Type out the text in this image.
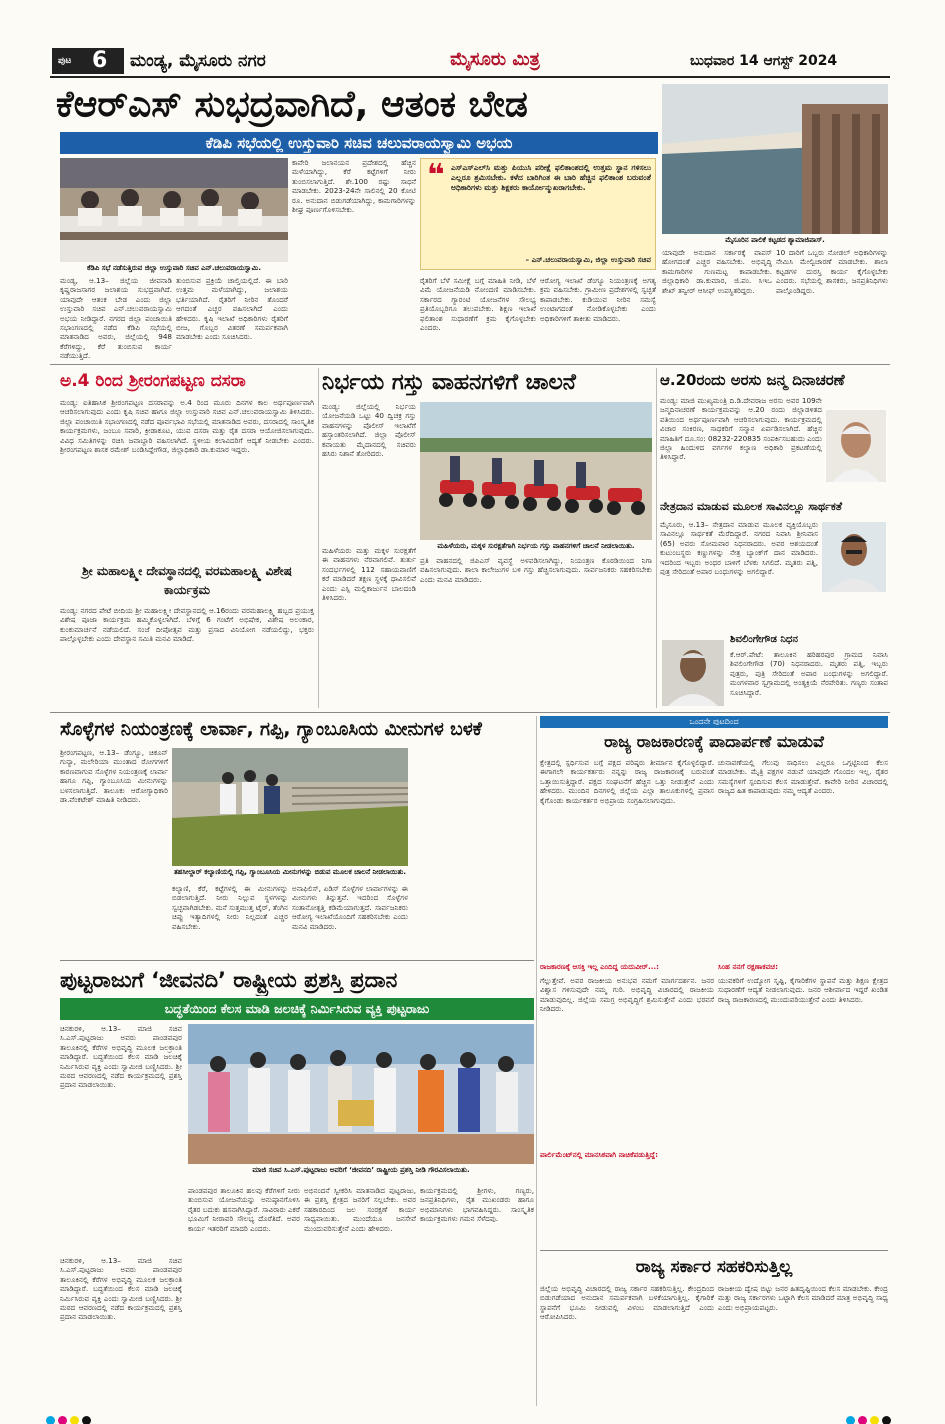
ಪುಟ 6 ಮಂಡ್ಯ, ಮೈಸೂರು ನಗರ	ಮೈಸೂರು ಮಿತ್ರ	ಬುಧವಾರ 14 ಆಗಸ್ಟ್ 2024
ಕೆಆರ್‌ಎಸ್ ಸುಭದ್ರವಾಗಿದೆ, ಆತಂಕ ಬೇಡ
ಕೆಡಿಪಿ ಸಭೆಯಲ್ಲಿ ಉಸ್ತುವಾರಿ ಸಚಿವ ಚಲುವರಾಯಸ್ವಾಮಿ ಅಭಯ
ಕೆಡಿಪಿ ಸಭೆ ನಡೆಸುತ್ತಿರುವ ಜಿಲ್ಲಾ ಉಸ್ತುವಾರಿ ಸಚಿವ ಎನ್.ಚಲುವರಾಯಸ್ವಾಮಿ.
❝ ಎಸ್‌ಎಸ್‌ಎಲ್‌ಸಿ ಮತ್ತು ಪಿಯುಸಿ ಪರೀಕ್ಷೆ ಫಲಿತಾಂಶದಲ್ಲಿ ಉತ್ತಮ ಸ್ಥಾನ ಗಳಿಸಲು ಎಲ್ಲರೂ ಶ್ರಮಿಸಬೇಕು. ಕಳೆದ ಬಾರಿಗಿಂತ ಈ ಬಾರಿ ಹೆಚ್ಚಿನ ಫಲಿತಾಂಶ ಬರುವಂತೆ ಅಧಿಕಾರಿಗಳು ಮತ್ತು ಶಿಕ್ಷಕರು ಕಾರ್ಯೋನ್ಮುಖರಾಗಬೇಕು.
– ಎನ್.ಚಲುವರಾಯಸ್ವಾಮಿ, ಜಿಲ್ಲಾ ಉಸ್ತುವಾರಿ ಸಚಿವ
ಮೈಸೂರಿನ ಪಾಲಿಕೆ ಕಟ್ಟಡದ ಶ್ಯಾಮಾಜಿಪಾಸ್.
ಮಂಡ್ಯ, ಆ.13– ಜಿಲ್ಲೆಯ ಜೀವನಾಡಿ ಕೃಷ್ಣರಾಜಸಾಗರ ಜಲಾಶಯ ಸುಭದ್ರವಾಗಿದೆ. ಯಾವುದೇ ಆತಂಕ ಬೇಡ ಎಂದು ಜಿಲ್ಲಾ ಉಸ್ತುವಾರಿ ಸಚಿವ ಎನ್.ಚಲುವರಾಯಸ್ವಾಮಿ ಅಭಯ ನೀಡಿದ್ದಾರೆ. ನಗರದ ಜಿಲ್ಲಾ ಪಂಚಾಯಿತಿ ಸಭಾಂಗಣದಲ್ಲಿ ನಡೆದ ಕೆಡಿಪಿ ಸಭೆಯಲ್ಲಿ ಮಾತನಾಡಿದ ಅವರು, ಜಿಲ್ಲೆಯಲ್ಲಿ 948 ಕೆರೆಗಳಿದ್ದು, ಕೆರೆ ತುಂಬಿಸುವ ಕಾರ್ಯ ನಡೆಯುತ್ತಿದೆ.
ತುಂಬಿಸುವ ಪ್ರಕ್ರಿಯೆ ಚಾಲ್ತಿಯಲ್ಲಿದೆ. ಈ ಬಾರಿ ಉತ್ತಮ ಮಳೆಯಾಗಿದ್ದು, ಜಲಾಶಯ ಭರ್ತಿಯಾಗಿದೆ. ರೈತರಿಗೆ ನೀರಿನ ತೊಂದರೆ ಆಗದಂತೆ ಎಚ್ಚರ ವಹಿಸಲಾಗಿದೆ ಎಂದು ಹೇಳಿದರು. ಕೃಷಿ ಇಲಾಖೆ ಅಧಿಕಾರಿಗಳು ರೈತರಿಗೆ ಬೀಜ, ಗೊಬ್ಬರ ವಿತರಣೆ ಸಮರ್ಪಕವಾಗಿ ಮಾಡಬೇಕು ಎಂದು ಸೂಚಿಸಿದರು.
ಕಾವೇರಿ ಜಲಾನಯನ ಪ್ರದೇಶದಲ್ಲಿ ಹೆಚ್ಚಿನ ಮಳೆಯಾಗಿದ್ದು, ಕೆರೆ ಕಟ್ಟೆಗಳಿಗೆ ನೀರು ತುಂಬಿಸಲಾಗುತ್ತಿದೆ. ಶೇ.100 ರಷ್ಟು ಸಾಧನೆ ಮಾಡಬೇಕು. 2023-24ನೇ ಸಾಲಿನಲ್ಲಿ 20 ಕೋಟಿ ರೂ. ಅನುದಾನ ಬಿಡುಗಡೆಯಾಗಿದ್ದು, ಕಾಮಗಾರಿಗಳನ್ನು ಶೀಘ್ರ ಪೂರ್ಣಗೊಳಿಸಬೇಕು.
ರೈತರಿಗೆ ಬೆಳೆ ಸಮೀಕ್ಷೆ ಬಗ್ಗೆ ಮಾಹಿತಿ ನೀಡಿ, ಬೆಳೆ ವಿಮೆ ಯೋಜನೆಯಡಿ ನೋಂದಣಿ ಮಾಡಿಸಬೇಕು. ಸರ್ಕಾರದ ಗ್ಯಾರಂಟಿ ಯೋಜನೆಗಳ ಸೌಲಭ್ಯ ಪ್ರತಿಯೊಬ್ಬರಿಗೂ ತಲುಪಬೇಕು. ಶಿಕ್ಷಣ ಇಲಾಖೆ ಫಲಿತಾಂಶ ಸುಧಾರಣೆಗೆ ಕ್ರಮ ಕೈಗೊಳ್ಳಬೇಕು ಎಂದರು.
ಆರೋಗ್ಯ ಇಲಾಖೆ ಡೆಂಗ್ಯೂ ನಿಯಂತ್ರಣಕ್ಕೆ ಅಗತ್ಯ ಕ್ರಮ ವಹಿಸಬೇಕು. ಗ್ರಾಮೀಣ ಪ್ರದೇಶಗಳಲ್ಲಿ ಸ್ವಚ್ಛತೆ ಕಾಪಾಡಬೇಕು. ಕುಡಿಯುವ ನೀರಿನ ಸಮಸ್ಯೆ ಉಂಟಾಗದಂತೆ ನೋಡಿಕೊಳ್ಳಬೇಕು ಎಂದು ಅಧಿಕಾರಿಗಳಿಗೆ ತಾಕೀತು ಮಾಡಿದರು.
ಯಾವುದೇ ಅನುದಾನ ಸರ್ಕಾರಕ್ಕೆ ವಾಪಸ್ ಹೋಗದಂತೆ ಎಚ್ಚರ ವಹಿಸಬೇಕು. ಅಭಿವೃದ್ಧಿ ಕಾಮಗಾರಿಗಳ ಗುಣಮಟ್ಟ ಕಾಪಾಡಬೇಕು. ಜಿಲ್ಲಾಧಿಕಾರಿ ಡಾ.ಕುಮಾರ, ಜಿ.ಪಂ. ಸಿಇಒ ಶೇಖ್ ತನ್ವೀರ್ ಆಸೀಫ್ ಉಪಸ್ಥಿತರಿದ್ದರು.
10 ದಾರಿಗೆ ಒಬ್ಬರು ನೋಡಲ್ ಅಧಿಕಾರಿಗಳನ್ನು ನೇಮಿಸಿ ಮೇಲ್ವಿಚಾರಣೆ ಮಾಡಬೇಕು. ಶಾಲಾ ಕಟ್ಟಡಗಳ ದುರಸ್ತಿ ಕಾರ್ಯ ಕೈಗೊಳ್ಳಬೇಕು ಎಂದರು. ಸಭೆಯಲ್ಲಿ ಶಾಸಕರು, ಜನಪ್ರತಿನಿಧಿಗಳು ಪಾಲ್ಗೊಂಡಿದ್ದರು.
ಅ.4 ರಿಂದ ಶ್ರೀರಂಗಪಟ್ಟಣ ದಸರಾ
ಮಂಡ್ಯ: ಐತಿಹಾಸಿಕ ಶ್ರೀರಂಗಪಟ್ಟಣ ದಸರಾವನ್ನು ಅ.4 ರಿಂದ ಮೂರು ದಿನಗಳ ಕಾಲ ಅರ್ಥಪೂರ್ಣವಾಗಿ ಆಚರಿಸಲಾಗುವುದು ಎಂದು ಕೃಷಿ ಸಚಿವ ಹಾಗೂ ಜಿಲ್ಲಾ ಉಸ್ತುವಾರಿ ಸಚಿವ ಎನ್.ಚಲುವರಾಯಸ್ವಾಮಿ ತಿಳಿಸಿದರು. ಜಿಲ್ಲಾ ಪಂಚಾಯಿತಿ ಸಭಾಂಗಣದಲ್ಲಿ ನಡೆದ ಪೂರ್ವಭಾವಿ ಸಭೆಯಲ್ಲಿ ಮಾತನಾಡಿದ ಅವರು, ದಸರಾದಲ್ಲಿ ಸಾಂಸ್ಕೃತಿಕ ಕಾರ್ಯಕ್ರಮಗಳು, ಜಂಬೂ ಸವಾರಿ, ಕ್ರೀಡಾಕೂಟ, ಯುವ ದಸರಾ ಮತ್ತು ರೈತ ದಸರಾ ಆಯೋಜಿಸಲಾಗುವುದು. ವಿವಿಧ ಸಮಿತಿಗಳನ್ನು ರಚಿಸಿ ಜವಾಬ್ದಾರಿ ವಹಿಸಲಾಗಿದೆ. ಸ್ಥಳೀಯ ಕಲಾವಿದರಿಗೆ ಆದ್ಯತೆ ನೀಡಬೇಕು ಎಂದರು. ಶ್ರೀರಂಗಪಟ್ಟಣ ಶಾಸಕ ರಮೇಶ್ ಬಂಡಿಸಿದ್ದೇಗೌಡ, ಜಿಲ್ಲಾಧಿಕಾರಿ ಡಾ.ಕುಮಾರ ಇದ್ದರು.
ಶ್ರೀ ಮಹಾಲಕ್ಷ್ಮೀ ದೇವಸ್ಥಾನದಲ್ಲಿ ವರಮಹಾಲಕ್ಷ್ಮಿ ವಿಶೇಷ ಕಾರ್ಯಕ್ರಮ
ಮಂಡ್ಯ: ನಗರದ ಪೇಟೆ ಬೀದಿಯ ಶ್ರೀ ಮಹಾಲಕ್ಷ್ಮೀ ದೇವಸ್ಥಾನದಲ್ಲಿ ಆ.16ರಂದು ವರಮಹಾಲಕ್ಷ್ಮಿ ಹಬ್ಬದ ಪ್ರಯುಕ್ತ ವಿಶೇಷ ಪೂಜಾ ಕಾರ್ಯಕ್ರಮ ಹಮ್ಮಿಕೊಳ್ಳಲಾಗಿದೆ. ಬೆಳಿಗ್ಗೆ 6 ಗಂಟೆಗೆ ಅಭಿಷೇಕ, ವಿಶೇಷ ಅಲಂಕಾರ, ಕುಂಕುಮಾರ್ಚನೆ ನಡೆಯಲಿದೆ. ಸಂಜೆ ದೀಪೋತ್ಸವ ಮತ್ತು ಪ್ರಸಾದ ವಿನಿಯೋಗ ನಡೆಯಲಿದ್ದು, ಭಕ್ತರು ಪಾಲ್ಗೊಳ್ಳಬೇಕು ಎಂದು ದೇವಸ್ಥಾನ ಸಮಿತಿ ಮನವಿ ಮಾಡಿದೆ.
ನಿರ್ಭಯ ಗಸ್ತು ವಾಹನಗಳಿಗೆ ಚಾಲನೆ
ಮಂಡ್ಯ: ಜಿಲ್ಲೆಯಲ್ಲಿ ನಿರ್ಭಯ ಯೋಜನೆಯಡಿ ಒಟ್ಟು 40 ದ್ವಿಚಕ್ರ ಗಸ್ತು ವಾಹನಗಳನ್ನು ಪೊಲೀಸ್ ಇಲಾಖೆಗೆ ಹಸ್ತಾಂತರಿಸಲಾಗಿದೆ. ಜಿಲ್ಲಾ ಪೊಲೀಸ್ ಕವಾಯತು ಮೈದಾನದಲ್ಲಿ ಸಚಿವರು ಹಸಿರು ನಿಶಾನೆ ತೋರಿದರು.
ಮಹಿಳೆಯರು, ಮಕ್ಕಳ ಸುರಕ್ಷತೆಗಾಗಿ ನಿರ್ಭಯ ಗಸ್ತು ವಾಹನಗಳಿಗೆ ಚಾಲನೆ ನೀಡಲಾಯಿತು.
ಮಹಿಳೆಯರು ಮತ್ತು ಮಕ್ಕಳ ಸುರಕ್ಷತೆಗೆ ಈ ವಾಹನಗಳು ನೆರವಾಗಲಿವೆ. ತುರ್ತು ಸಂದರ್ಭಗಳಲ್ಲಿ 112 ಸಹಾಯವಾಣಿಗೆ ಕರೆ ಮಾಡಿದರೆ ತಕ್ಷಣ ಸ್ಥಳಕ್ಕೆ ಧಾವಿಸಲಿವೆ ಎಂದು ಎಸ್ಪಿ ಮಲ್ಲಿಕಾರ್ಜುನ ಬಾಲದಂಡಿ ತಿಳಿಸಿದರು.
ಪ್ರತಿ ವಾಹನದಲ್ಲಿ ಜಿಪಿಎಸ್ ವ್ಯವಸ್ಥೆ ಅಳವಡಿಸಲಾಗಿದ್ದು, ನಿಯಂತ್ರಣ ಕೊಠಡಿಯಿಂದ ನಿಗಾ ವಹಿಸಲಾಗುವುದು. ಶಾಲಾ ಕಾಲೇಜುಗಳ ಬಳಿ ಗಸ್ತು ಹೆಚ್ಚಿಸಲಾಗುವುದು. ಸಾರ್ವಜನಿಕರು ಸಹಕರಿಸಬೇಕು ಎಂದು ಮನವಿ ಮಾಡಿದರು.
ಆ.20ರಂದು ಅರಸು ಜನ್ಮ ದಿನಾಚರಣೆ
ಮಂಡ್ಯ: ಮಾಜಿ ಮುಖ್ಯಮಂತ್ರಿ ದಿ.ಡಿ.ದೇವರಾಜ ಅರಸು ಅವರ 109ನೇ ಜನ್ಮದಿನಾಚರಣೆ ಕಾರ್ಯಕ್ರಮವನ್ನು ಆ.20 ರಂದು ಜಿಲ್ಲಾಡಳಿತದ ವತಿಯಿಂದ ಅರ್ಥಪೂರ್ಣವಾಗಿ ಆಚರಿಸಲಾಗುವುದು. ಕಾರ್ಯಕ್ರಮದಲ್ಲಿ ವಿಚಾರ ಸಂಕಿರಣ, ಸಾಧಕರಿಗೆ ಸನ್ಮಾನ ಏರ್ಪಡಿಸಲಾಗಿದೆ. ಹೆಚ್ಚಿನ ಮಾಹಿತಿಗೆ ದೂ.ಸಂ: 08232-220835 ಸಂಪರ್ಕಿಸಬಹುದು ಎಂದು ಜಿಲ್ಲಾ ಹಿಂದುಳಿದ ವರ್ಗಗಳ ಕಲ್ಯಾಣ ಅಧಿಕಾರಿ ಪ್ರಕಟಣೆಯಲ್ಲಿ ತಿಳಿಸಿದ್ದಾರೆ.
ನೇತ್ರದಾನ ಮಾಡುವ ಮೂಲಕ ಸಾವಿನಲ್ಲೂ ಸಾರ್ಥಕತೆ
ಮೈಸೂರು, ಆ.13– ನೇತ್ರದಾನ ಮಾಡುವ ಮೂಲಕ ವ್ಯಕ್ತಿಯೊಬ್ಬರು ಸಾವಿನಲ್ಲೂ ಸಾರ್ಥಕತೆ ಮೆರೆದಿದ್ದಾರೆ. ನಗರದ ನಿವಾಸಿ ಶ್ರೀನಿವಾಸ (65) ಅವರು ಸೋಮವಾರ ನಿಧನರಾದರು. ಅವರ ಆಶಯದಂತೆ ಕುಟುಂಬಸ್ಥರು ಕಣ್ಣುಗಳನ್ನು ನೇತ್ರ ಬ್ಯಾಂಕ್‌ಗೆ ದಾನ ಮಾಡಿದರು. ಇದರಿಂದ ಇಬ್ಬರು ಅಂಧರ ಬಾಳಿಗೆ ಬೆಳಕು ಸಿಗಲಿದೆ. ಮೃತರು ಪತ್ನಿ, ಪುತ್ರ ಸೇರಿದಂತೆ ಅಪಾರ ಬಂಧುಗಳನ್ನು ಅಗಲಿದ್ದಾರೆ.
ಶಿವಲಿಂಗೇಗೌಡ ನಿಧನ
ಕೆ.ಆರ್.ಪೇಟೆ: ತಾಲೂಕಿನ ಹರಿಹರಪುರ ಗ್ರಾಮದ ನಿವಾಸಿ ಶಿವಲಿಂಗೇಗೌಡ (70) ನಿಧನರಾದರು. ಮೃತರು ಪತ್ನಿ, ಇಬ್ಬರು ಪುತ್ರರು, ಪುತ್ರಿ ಸೇರಿದಂತೆ ಅಪಾರ ಬಂಧುಗಳನ್ನು ಅಗಲಿದ್ದಾರೆ. ಮಂಗಳವಾರ ಸ್ವಗ್ರಾಮದಲ್ಲಿ ಅಂತ್ಯಕ್ರಿಯೆ ನೆರವೇರಿತು. ಗಣ್ಯರು ಸಂತಾಪ ಸೂಚಿಸಿದ್ದಾರೆ.
ಸೊಳ್ಳೆಗಳ ನಿಯಂತ್ರಣಕ್ಕೆ ಲಾರ್ವಾ, ಗಪ್ಪಿ, ಗ್ಯಾಂಬೂಸಿಯ ಮೀನುಗಳ ಬಳಕೆ
ಶ್ರೀರಂಗಪಟ್ಟಣ, ಆ.13– ಡೆಂಗ್ಯೂ, ಚಿಕೂನ್ ಗುನ್ಯಾ, ಮಲೇರಿಯಾ ಮುಂತಾದ ರೋಗಗಳಿಗೆ ಕಾರಣವಾಗುವ ಸೊಳ್ಳೆಗಳ ನಿಯಂತ್ರಣಕ್ಕೆ ಲಾರ್ವಾ ಹಾಗೂ ಗಪ್ಪಿ, ಗ್ಯಾಂಬೂಸಿಯ ಮೀನುಗಳನ್ನು ಬಳಸಲಾಗುತ್ತಿದೆ. ತಾಲೂಕು ಆರೋಗ್ಯಾಧಿಕಾರಿ ಡಾ.ವೆಂಕಟೇಶ್ ಮಾಹಿತಿ ನೀಡಿದರು.
ತಹಸೀಲ್ದಾರ್ ಕಲ್ಯಾಣಿಯಲ್ಲಿ ಗಪ್ಪಿ, ಗ್ಯಾಂಬೂಸಿಯ ಮೀನುಗಳನ್ನು ಬಿಡುವ ಮೂಲಕ ಚಾಲನೆ ನೀಡಲಾಯಿತು.
ಕಲ್ಯಾಣಿ, ಕೆರೆ, ಕಟ್ಟೆಗಳಲ್ಲಿ ಈ ಮೀನುಗಳನ್ನು ಬಿಡಲಾಗುತ್ತಿದೆ. ನೀರು ನಿಲ್ಲುವ ಸ್ಥಳಗಳನ್ನು ಸ್ವಚ್ಛವಾಗಿಡಬೇಕು. ಮನೆ ಸುತ್ತಮುತ್ತ ಟೈರ್, ತೆಂಗಿನ ಚಿಪ್ಪು ಇತ್ಯಾದಿಗಳಲ್ಲಿ ನೀರು ನಿಲ್ಲದಂತೆ ಎಚ್ಚರ ವಹಿಸಬೇಕು.
ಅನಾಫಿಲಿಸ್, ಏಡಿಸ್ ಸೊಳ್ಳೆಗಳ ಲಾರ್ವಾಗಳನ್ನು ಈ ಮೀನುಗಳು ತಿನ್ನುತ್ತವೆ. ಇದರಿಂದ ಸೊಳ್ಳೆಗಳ ಸಂತಾನೋತ್ಪತ್ತಿ ಕಡಿಮೆಯಾಗುತ್ತದೆ. ಸಾರ್ವಜನಿಕರು ಆರೋಗ್ಯ ಇಲಾಖೆಯೊಂದಿಗೆ ಸಹಕರಿಸಬೇಕು ಎಂದು ಮನವಿ ಮಾಡಿದರು.
ಒಂದನೇ ಪುಟದಿಂದ
ರಾಜ್ಯ ರಾಜಕಾರಣಕ್ಕೆ ಪಾದಾರ್ಪಣೆ ಮಾಡುವೆ
ಕ್ಷೇತ್ರದಲ್ಲಿ ಸ್ಪರ್ಧಿಸುವ ಬಗ್ಗೆ ಪಕ್ಷದ ವರಿಷ್ಠರು ತೀರ್ಮಾನ ಕೈಗೊಳ್ಳಲಿದ್ದಾರೆ. ಈಗಾಗಲೇ ಕಾರ್ಯಕರ್ತರು ನನ್ನನ್ನು ರಾಜ್ಯ ರಾಜಕಾರಣಕ್ಕೆ ಬರುವಂತೆ ಒತ್ತಾಯಿಸುತ್ತಿದ್ದಾರೆ. ಪಕ್ಷದ ಸಂಘಟನೆಗೆ ಹೆಚ್ಚಿನ ಒತ್ತು ನೀಡುತ್ತೇನೆ ಎಂದು ಹೇಳಿದರು. ಮುಂದಿನ ದಿನಗಳಲ್ಲಿ ಜಿಲ್ಲೆಯ ಎಲ್ಲಾ ತಾಲೂಕುಗಳಲ್ಲಿ ಪ್ರವಾಸ ಕೈಗೊಂಡು ಕಾರ್ಯಕರ್ತರ ಅಭಿಪ್ರಾಯ ಸಂಗ್ರಹಿಸಲಾಗುವುದು.
ಚುನಾವಣೆಯಲ್ಲಿ ಗೆಲುವು ಸಾಧಿಸಲು ಎಲ್ಲರೂ ಒಗ್ಗಟ್ಟಿನಿಂದ ಕೆಲಸ ಮಾಡಬೇಕು. ಮೈತ್ರಿ ಪಕ್ಷಗಳ ನಡುವೆ ಯಾವುದೇ ಗೊಂದಲ ಇಲ್ಲ. ರೈತರ ಸಮಸ್ಯೆಗಳಿಗೆ ಸ್ಪಂದಿಸುವ ಕೆಲಸ ಮಾಡುತ್ತೇವೆ. ಕಾವೇರಿ ನೀರಿನ ವಿಚಾರದಲ್ಲಿ ರಾಜ್ಯದ ಹಿತ ಕಾಪಾಡುವುದು ನಮ್ಮ ಆದ್ಯತೆ ಎಂದರು.
ಪುಟ್ಟರಾಜುಗೆ ‘ಜೀವನದಿ’ ರಾಷ್ಟ್ರೀಯ ಪ್ರಶಸ್ತಿ ಪ್ರದಾನ
ಬದ್ಧತೆಯಿಂದ ಕೆಲಸ ಮಾಡಿ ಜಲಚಿಕ್ಕೆ ನಿರ್ಮಿಸಿರುವ ವ್ಯಕ್ತಿ ಪುಟ್ಟರಾಜು
ಚಿನಕುರಳಿ, ಆ.13– ಮಾಜಿ ಸಚಿವ ಸಿ.ಎಸ್.ಪುಟ್ಟರಾಜು ಅವರು ಪಾಂಡವಪುರ ತಾಲೂಕಿನಲ್ಲಿ ಕೆರೆಗಳ ಅಭಿವೃದ್ಧಿ ಮೂಲಕ ಜಲಕ್ರಾಂತಿ ಮಾಡಿದ್ದಾರೆ. ಬದ್ಧತೆಯಿಂದ ಕೆಲಸ ಮಾಡಿ ಜಲಚಿಕ್ಕೆ ನಿರ್ಮಿಸಿರುವ ವ್ಯಕ್ತಿ ಎಂದು ಸ್ವಾಮೀಜಿ ಬಣ್ಣಿಸಿದರು. ಶ್ರೀ ಮಠದ ಆವರಣದಲ್ಲಿ ನಡೆದ ಕಾರ್ಯಕ್ರಮದಲ್ಲಿ ಪ್ರಶಸ್ತಿ ಪ್ರದಾನ ಮಾಡಲಾಯಿತು.
ಮಾಜಿ ಸಚಿವ ಸಿ.ಎಸ್.ಪುಟ್ಟರಾಜು ಅವರಿಗೆ ‘ಜೀವನದಿ’ ರಾಷ್ಟ್ರೀಯ ಪ್ರಶಸ್ತಿ ನೀಡಿ ಗೌರವಿಸಲಾಯಿತು.
ಪಾಂಡವಪುರ ತಾಲೂಕಿನ ಹಲವು ಕೆರೆಗಳಿಗೆ ನೀರು ತುಂಬಿಸುವ ಯೋಜನೆಯನ್ನು ಅನುಷ್ಠಾನಗೊಳಿಸಿ ರೈತರ ಬದುಕು ಹಸನಾಗಿಸಿದ್ದಾರೆ. ಸಾವಿರಾರು ಎಕರೆ ಭೂಮಿಗೆ ನೀರಾವರಿ ಸೌಲಭ್ಯ ದೊರೆತಿದೆ. ಅವರ ಕಾರ್ಯ ಇತರರಿಗೆ ಮಾದರಿ ಎಂದರು.
ಅಭಿನಂದನೆ ಸ್ವೀಕರಿಸಿ ಮಾತನಾಡಿದ ಪುಟ್ಟರಾಜು, ಈ ಪ್ರಶಸ್ತಿ ಕ್ಷೇತ್ರದ ಜನರಿಗೆ ಸಲ್ಲಬೇಕು. ಅವರ ಸಹಕಾರದಿಂದ ಜಲ ಸಂರಕ್ಷಣೆ ಕಾರ್ಯ ಸಾಧ್ಯವಾಯಿತು. ಮುಂದೆಯೂ ಜನಸೇವೆ ಮುಂದುವರಿಸುತ್ತೇನೆ ಎಂದು ಹೇಳಿದರು.
ಕಾರ್ಯಕ್ರಮದಲ್ಲಿ ಶ್ರೀಗಳು, ಗಣ್ಯರು, ಜನಪ್ರತಿನಿಧಿಗಳು, ರೈತ ಮುಖಂಡರು ಹಾಗೂ ಅಭಿಮಾನಿಗಳು ಭಾಗವಹಿಸಿದ್ದರು. ಸಾಂಸ್ಕೃತಿಕ ಕಾರ್ಯಕ್ರಮಗಳು ಗಮನ ಸೆಳೆದವು.
ಚಿನಕುರಳಿ, ಆ.13– ಮಾಜಿ ಸಚಿವ ಸಿ.ಎಸ್.ಪುಟ್ಟರಾಜು ಅವರು ಪಾಂಡವಪುರ ತಾಲೂಕಿನಲ್ಲಿ ಕೆರೆಗಳ ಅಭಿವೃದ್ಧಿ ಮೂಲಕ ಜಲಕ್ರಾಂತಿ ಮಾಡಿದ್ದಾರೆ. ಬದ್ಧತೆಯಿಂದ ಕೆಲಸ ಮಾಡಿ ಜಲಚಿಕ್ಕೆ ನಿರ್ಮಿಸಿರುವ ವ್ಯಕ್ತಿ ಎಂದು ಸ್ವಾಮೀಜಿ ಬಣ್ಣಿಸಿದರು. ಶ್ರೀ ಮಠದ ಆವರಣದಲ್ಲಿ ನಡೆದ ಕಾರ್ಯಕ್ರಮದಲ್ಲಿ ಪ್ರಶಸ್ತಿ ಪ್ರದಾನ ಮಾಡಲಾಯಿತು.
ರಾಜಕಾರಣಕ್ಕೆ ಆಸಕ್ತಿ ಇಲ್ಲ ಎಂದಿದ್ದ ಯದುವೀರ್...:
ಗೆಲ್ಲುತ್ತೇವೆ. ಅವರ ರಾಜಕೀಯ ಅನುಭವ ನಮಗೆ ಮಾರ್ಗದರ್ಶನ. ಜನರ ವಿಶ್ವಾಸ ಗಳಿಸುವುದೇ ನಮ್ಮ ಗುರಿ. ಅಭಿವೃದ್ಧಿ ವಿಚಾರದಲ್ಲಿ ರಾಜಕೀಯ ಮಾಡುವುದಿಲ್ಲ. ಜಿಲ್ಲೆಯ ಸಮಗ್ರ ಅಭಿವೃದ್ಧಿಗೆ ಶ್ರಮಿಸುತ್ತೇನೆ ಎಂದು ಭರವಸೆ ನೀಡಿದರು.
ಸಿಂಹ ನನಗೆ ರಕ್ಷಣಾಕವಚ:
ಯುವಕರಿಗೆ ಉದ್ಯೋಗ ಸೃಷ್ಟಿ, ಕೈಗಾರಿಕೆಗಳ ಸ್ಥಾಪನೆ ಮತ್ತು ಶಿಕ್ಷಣ ಕ್ಷೇತ್ರದ ಸುಧಾರಣೆಗೆ ಆದ್ಯತೆ ನೀಡಲಾಗುವುದು. ಜನರ ಆಶೀರ್ವಾದ ಇದ್ದರೆ ಖಂಡಿತ ರಾಜ್ಯ ರಾಜಕಾರಣದಲ್ಲಿ ಮುಂದುವರಿಯುತ್ತೇನೆ ಎಂದು ತಿಳಿಸಿದರು.
ಪಾರ್ಲಿಮೆಂಟ್‌ನಲ್ಲಿ ಮಾನಸಿಕವಾಗಿ ನಾಚಿಕೆಪಡುತ್ತಿದ್ದೆ:
ರಾಜ್ಯ ಸರ್ಕಾರ ಸಹಕರಿಸುತ್ತಿಲ್ಲ
ಜಿಲ್ಲೆಯ ಅಭಿವೃದ್ಧಿ ವಿಚಾರದಲ್ಲಿ ರಾಜ್ಯ ಸರ್ಕಾರ ಸಹಕರಿಸುತ್ತಿಲ್ಲ. ಕೇಂದ್ರದಿಂದ ಬಿಡುಗಡೆಯಾದ ಅನುದಾನ ಸಮರ್ಪಕವಾಗಿ ಬಳಕೆಯಾಗುತ್ತಿಲ್ಲ. ಕೈಗಾರಿಕೆ ಸ್ಥಾಪನೆಗೆ ಭೂಮಿ ನೀಡುವಲ್ಲಿ ವಿಳಂಬ ಮಾಡಲಾಗುತ್ತಿದೆ ಎಂದು ಆರೋಪಿಸಿದರು.
ರಾಜಕೀಯ ದ್ವೇಷ ಬಿಟ್ಟು ಜನರ ಹಿತದೃಷ್ಟಿಯಿಂದ ಕೆಲಸ ಮಾಡಬೇಕು. ಕೇಂದ್ರ ಮತ್ತು ರಾಜ್ಯ ಸರ್ಕಾರಗಳು ಒಟ್ಟಾಗಿ ಕೆಲಸ ಮಾಡಿದರೆ ಮಾತ್ರ ಅಭಿವೃದ್ಧಿ ಸಾಧ್ಯ ಎಂದು ಅಭಿಪ್ರಾಯಪಟ್ಟರು.
